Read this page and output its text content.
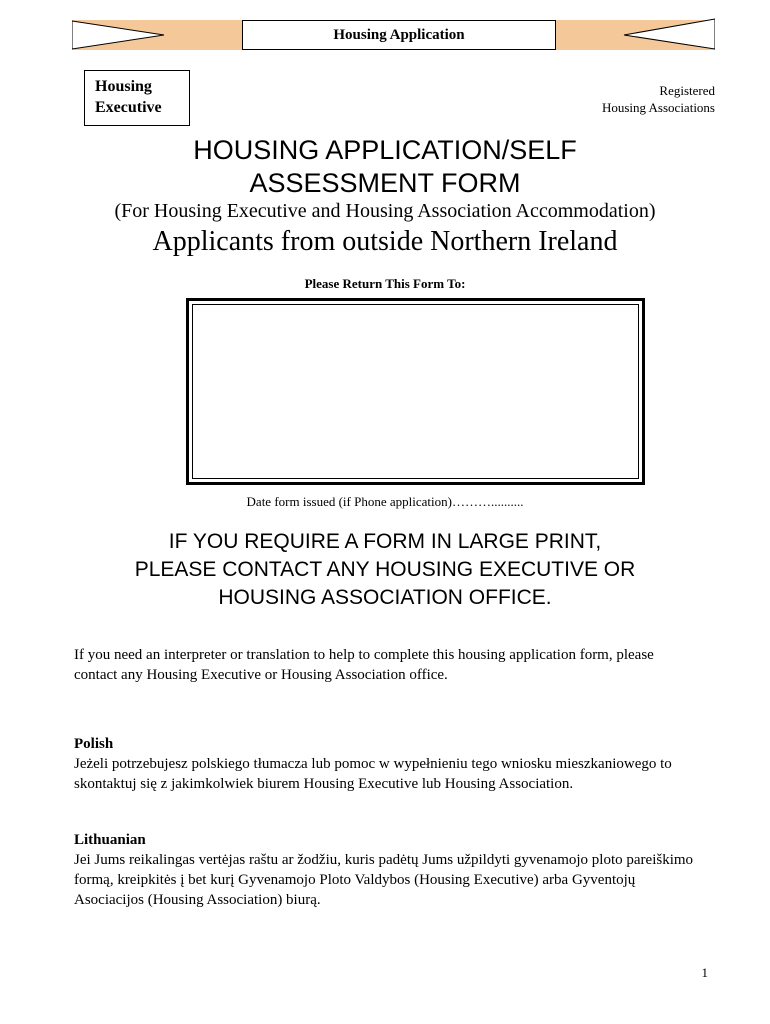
Housing Application
Housing
Executive
Registered
Housing Associations
HOUSING APPLICATION/SELF
ASSESSMENT FORM
(For Housing Executive and Housing Association Accommodation)
Applicants from outside Northern Ireland
Please Return This Form To:
Date form issued (if Phone application)………..........
IF YOU REQUIRE A FORM IN LARGE PRINT,
PLEASE CONTACT ANY HOUSING EXECUTIVE OR
HOUSING ASSOCIATION OFFICE.
If you need an interpreter or translation to help to complete this housing application form, please contact any Housing Executive or Housing Association office.
Polish
Jeżeli potrzebujesz polskiego tłumacza lub pomoc w wypełnieniu tego wniosku mieszkaniowego to skontaktuj się z jakimkolwiek biurem Housing Executive lub Housing Association.
Lithuanian
Jei Jums reikalingas vertėjas raštu ar žodžiu, kuris padėtų Jums užpildyti gyvenamojo ploto pareiškimo formą, kreipkitės į bet kurį Gyvenamojo Ploto Valdybos (Housing Executive) arba Gyventojų Asociacijos (Housing Association) biurą.
1
